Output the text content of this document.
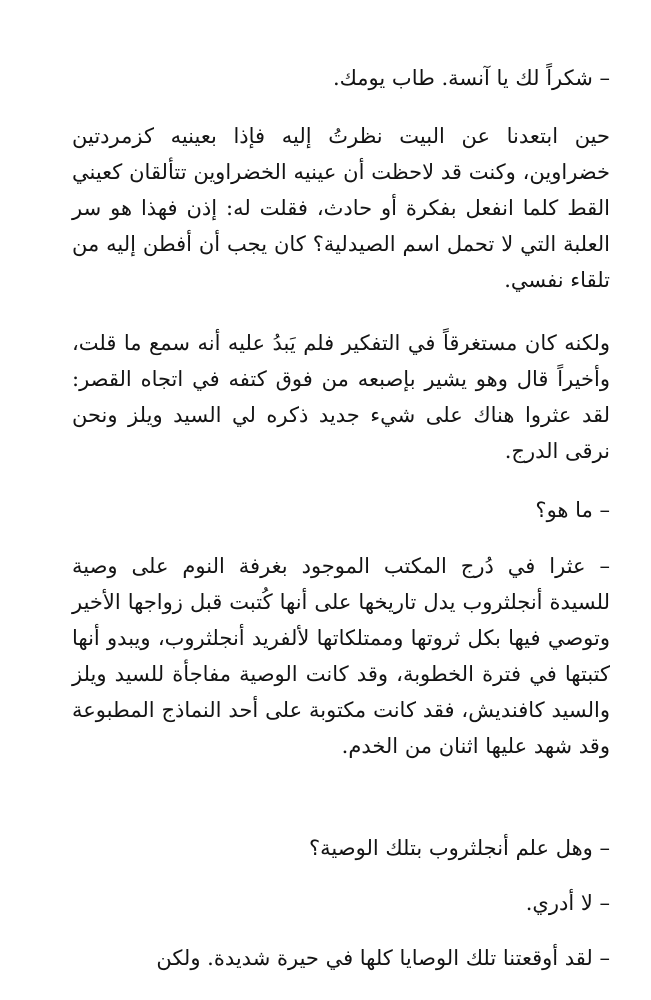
– شكراً لك يا آنسة. طاب يومك.

حين ابتعدنا عن البيت نظرتُ إليه فإذا بعينيه كزمردتين خضراوين، وكنت قد لاحظت أن عينيه الخضراوين تتألقان كعيني القط كلما انفعل بفكرة أو حادث، فقلت له: إذن فهذا هو سر العلبة التي لا تحمل اسم الصيدلية؟ كان يجب أن أفطن إليه من تلقاء نفسي.

ولكنه كان مستغرقاً في التفكير فلم يَبدُ عليه أنه سمع ما قلت، وأخيراً قال وهو يشير بإصبعه من فوق كتفه في اتجاه القصر: لقد عثروا هناك على شيء جديد ذكره لي السيد ويلز ونحن نرقى الدرج.

– ما هو؟

– عثرا في دُرج المكتب الموجود بغرفة النوم على وصية للسيدة أنجلثروب يدل تاريخها على أنها كُتبت قبل زواجها الأخير وتوصي فيها بكل ثروتها وممتلكاتها لألفريد أنجلثروب، ويبدو أنها كتبتها في فترة الخطوبة، وقد كانت الوصية مفاجأة للسيد ويلز والسيد كافنديش، فقد كانت مكتوبة على أحد النماذج المطبوعة وقد شهد عليها اثنان من الخدم.

– وهل علم أنجلثروب بتلك الوصية؟

– لا أدري.

– لقد أوقعتنا تلك الوصايا كلها في حيرة شديدة. ولكن
